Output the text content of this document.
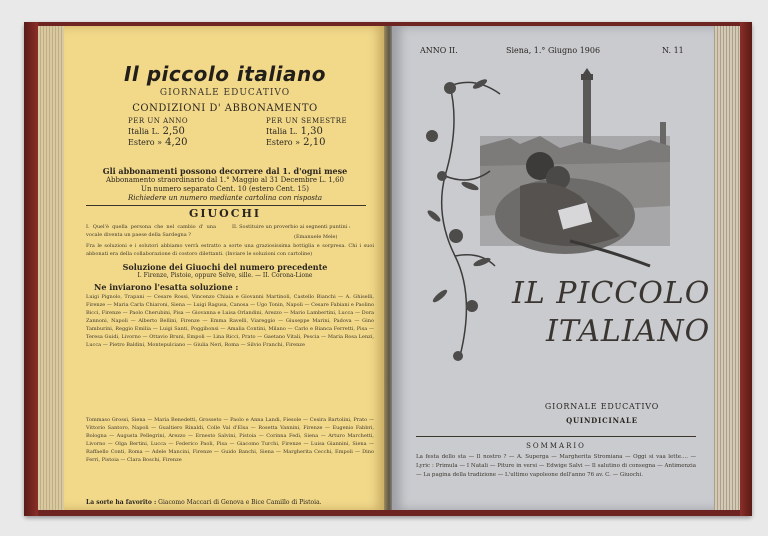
Il piccolo italiano
GIORNALE EDUCATIVO
CONDIZIONI D' ABBONAMENTO
PER UN ANNO
Italia L. 2,50
Estero » 4,20
PER UN SEMESTRE
Italia L. 1,30
Estero » 2,10
Gli abbonamenti possono decorrere dal 1. d'ogni mese
Abbonamento straordinario dal 1.° Maggio al 31 Decembre L. 1,60
Un numero separato Cent. 10 (estero Cent. 15)
Richiedere un numero mediante cartolina con risposta
GIUOCHI
I. Quel'è quella persona che nel cambio d' una vocale diventa un paese della Sardegna ?
II. Sostituire un proverbio ai segnenti puntini :
(Emanuele Mele)
Fra le soluzioni e i solutori abbiamo verrà estratto a sorte una graziosissima bottiglia e sorpresa. Chi i suoi abbonati era della collaborazione di costoro dilettanti. (Inviare le soluzioni con cartoline)
Soluzione dei Giuochi del numero precedente
I. Firenze, Pistoie, oppure Selve, sille. — II. Corona-Lione
Ne inviarono l'esatta soluzione :
Luigi Pignolo, Trapani — Cesare Rossi, Vincenzo Chiaia e Giovanni Martinoli, Castello Bianchi — A. Ghiselli, Firenze — Maria Carla Chiaroni, Siena — Luigi Ragusa, Canosa — Ugo Tonin, Napoli — Cesare Fabiani e Paolino Bicci, Firenze — Paolo Cherubini, Pisa — Giovanna e Luisa Orlandini, Arezzo — Mario Lambertini, Lucca — Dora Zannoni, Napoli — Alberto Bellini, Firenze — Emma Ravelli, Viareggio — Giuseppe Marini, Padova — Gino Tamburini, Reggio Emilia — Luigi Santi, Poggibonsi — Amalia Contini, Milano — Carlo e Bianca Ferretti, Pisa — Teresa Guidi, Livorno — Ottavio Bruni, Empoli — Lina Ricci, Prato — Gaetano Vitali, Pescia — Maria Rosa Lenzi, Lucca — Pietro Baldini, Montepulciano — Giulia Neri, Roma — Silvio Franchi, Firenze
Tommaso Grossi, Siena — Maria Benedetti, Grosseto — Paolo e Anna Landi, Fiesole — Cesira Bartolini, Prato — Vittorio Santoro, Napoli — Gualtiero Rinaldi, Colle Val d'Elsa — Rosetta Vannini, Firenze — Eugenio Fabbri, Bologna — Augusta Pellegrini, Arezzo — Ernesto Salvini, Pistoia — Corinna Fedi, Siena — Arturo Marchetti, Livorno — Olga Bertini, Lucca — Federico Paoli, Pisa — Giacomo Turchi, Firenze — Luisa Giannini, Siena — Raffaello Conti, Roma — Adele Mancini, Firenze — Guido Banchi, Siena — Margherita Cecchi, Empoli — Dino Ferri, Pistoia — Clara Boschi, Firenze
La sorte ha favorito : Giacomo Maccari di Genova e Bice Camillo di Pistoia.
ANNO II.	Siena, 1.° Giugno 1906	N. 11
IL PICCOLO
ITALIANO
GIORNALE EDUCATIVO
QUINDICINALE
SOMMARIO
La festa dello sta — Il nostro ? — A. Superga — Margherita Stromiana — Oggi si vaa lette.... — Lyric : Primula — I Natali — Piture in versi — Edwige Salvi — Il salutino di consegna — Antimenzia — La pagina della tradizione — L'ultimo vapoleone dell'anno 76 av. C. — Giuochi.
